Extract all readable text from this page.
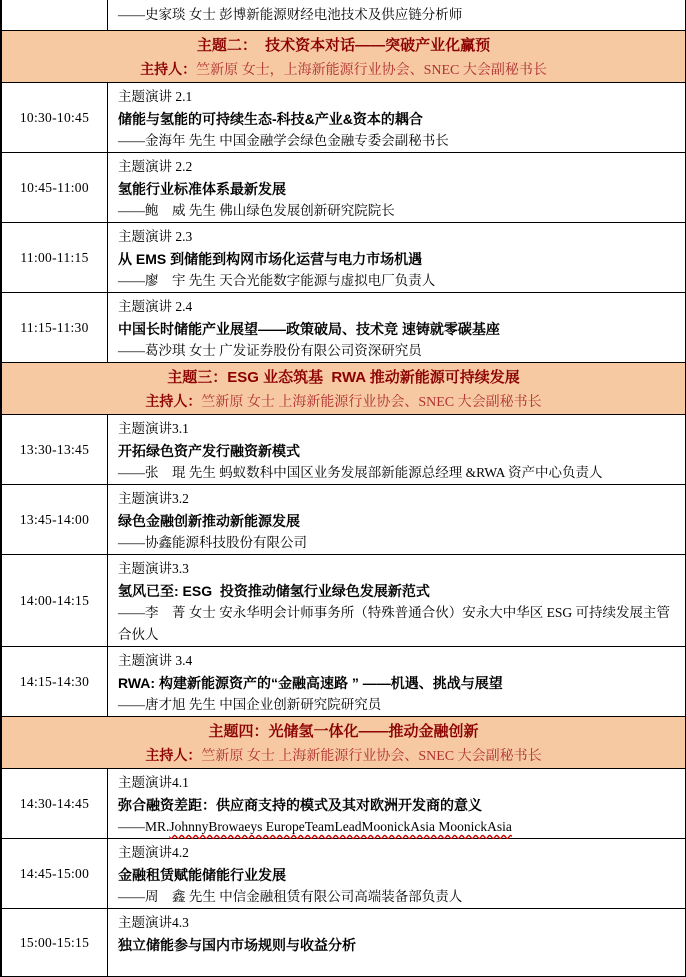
——史家琰 女士 彭博新能源财经电池技术及供应链分析师
主题二：  技术资本对话——突破产业化赢预
主持人：竺新原 女士，上海新能源行业协会、SNEC 大会副秘书长
10:30-10:45
主题演讲 2.1
储能与氢能的可持续生态-科技&产业&资本的耦合
——金海年 先生 中国金融学会绿色金融专委会副秘书长
10:45-11:00
主题演讲 2.2
氢能行业标准体系最新发展
——鲍　威 先生 佛山绿色发展创新研究院院长
11:00-11:15
主题演讲 2.3
从 EMS 到储能到构网市场化运营与电力市场机遇
——廖　宇 先生 天合光能数字能源与虚拟电厂负责人
11:15-11:30
主题演讲 2.4
中国长时储能产业展望——政策破局、技术竞 速铸就零碳基座
——葛沙琪 女士 广发证券股份有限公司资深研究员
主题三：ESG 业态筑基  RWA 推动新能源可持续发展
主持人：竺新原 女士 上海新能源行业协会、SNEC 大会副秘书长
13:30-13:45
主题演讲3.1
开拓绿色资产发行融资新模式
——张　琨 先生 蚂蚁数科中国区业务发展部新能源总经理 &RWA 资产中心负责人
13:45-14:00
主题演讲3.2
绿色金融创新推动新能源发展
——协鑫能源科技股份有限公司
14:00-14:15
主题演讲3.3
氢风已至: ESG  投资推动储氢行业绿色发展新范式
——李　菁 女士 安永华明会计师事务所（特殊普通合伙）安永大中华区 ESG 可持续发展主管合伙人
14:15-14:30
主题演讲 3.4
RWA: 构建新能源资产的“金融高速路 ” ——机遇、挑战与展望
——唐才旭 先生 中国企业创新研究院研究员
主题四：光储氢一体化——推动金融创新
主持人：竺新原 女士 上海新能源行业协会、SNEC 大会副秘书长
14:30-14:45
主题演讲4.1
弥合融资差距：供应商支持的模式及其对欧洲开发商的意义
——MR.JohnnyBrowaeys EuropeTeamLeadMoonickAsia MoonickAsia
14:45-15:00
主题演讲4.2
金融租赁赋能储能行业发展
——周　鑫 先生 中信金融租赁有限公司高端装备部负责人
15:00-15:15
主题演讲4.3
独立储能参与国内市场规则与收益分析
